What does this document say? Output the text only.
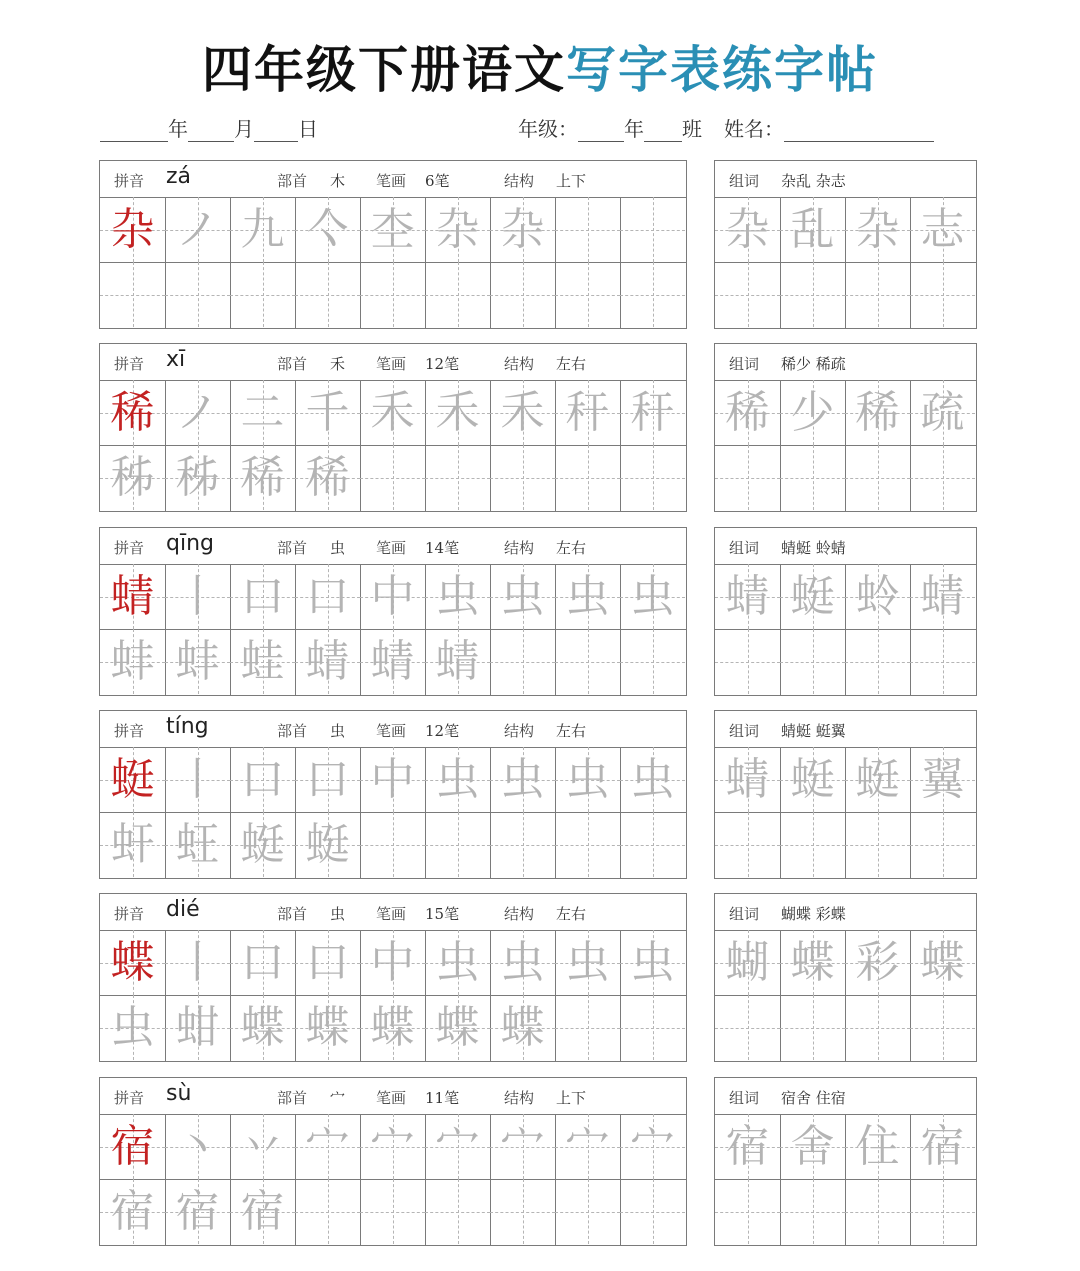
四年级下册语文写字表练字帖
年 月 日	年级： 年 班 姓名：
拼音 zá	部首 木 笔画 6笔	结构 上下
杂 ノ 九 亽 杢 杂 杂
组词 杂乱 杂志
杂 乱 杂 志
拼音 xī	部首 禾 笔画 12笔	结构 左右
稀 ノ 二 千 禾 禾 禾 秆 秆
秭 秭 稀 稀
组词 稀少 稀疏
稀 少 稀 疏
拼音 qīng	部首 虫 笔画 14笔	结构 左右
蜻 丨 口 口 中 虫 虫 虫 虫
蚌 蚌 蛙 蜻 蜻 蜻
组词 蜻蜓 蛉蜻
蜻 蜓 蛉 蜻
拼音 tíng	部首 虫 笔画 12笔	结构 左右
蜓 丨 口 口 中 虫 虫 虫 虫
虷 蚟 蜓 蜓
组词 蜻蜓 蜓翼
蜻 蜓 蜓 翼
拼音 dié	部首 虫 笔画 15笔	结构 左右
蝶 丨 口 口 中 虫 虫 虫 虫
虫 蚶 蝶 蝶 蝶 蝶 蝶
组词 蝴蝶 彩蝶
蝴 蝶 彩 蝶
拼音 sù	部首 宀 笔画 11笔	结构 上下
宿 丶 丷 宀 宀 宀 宀 宀 宀
宿 宿 宿
组词 宿舍 住宿
宿 舍 住 宿
